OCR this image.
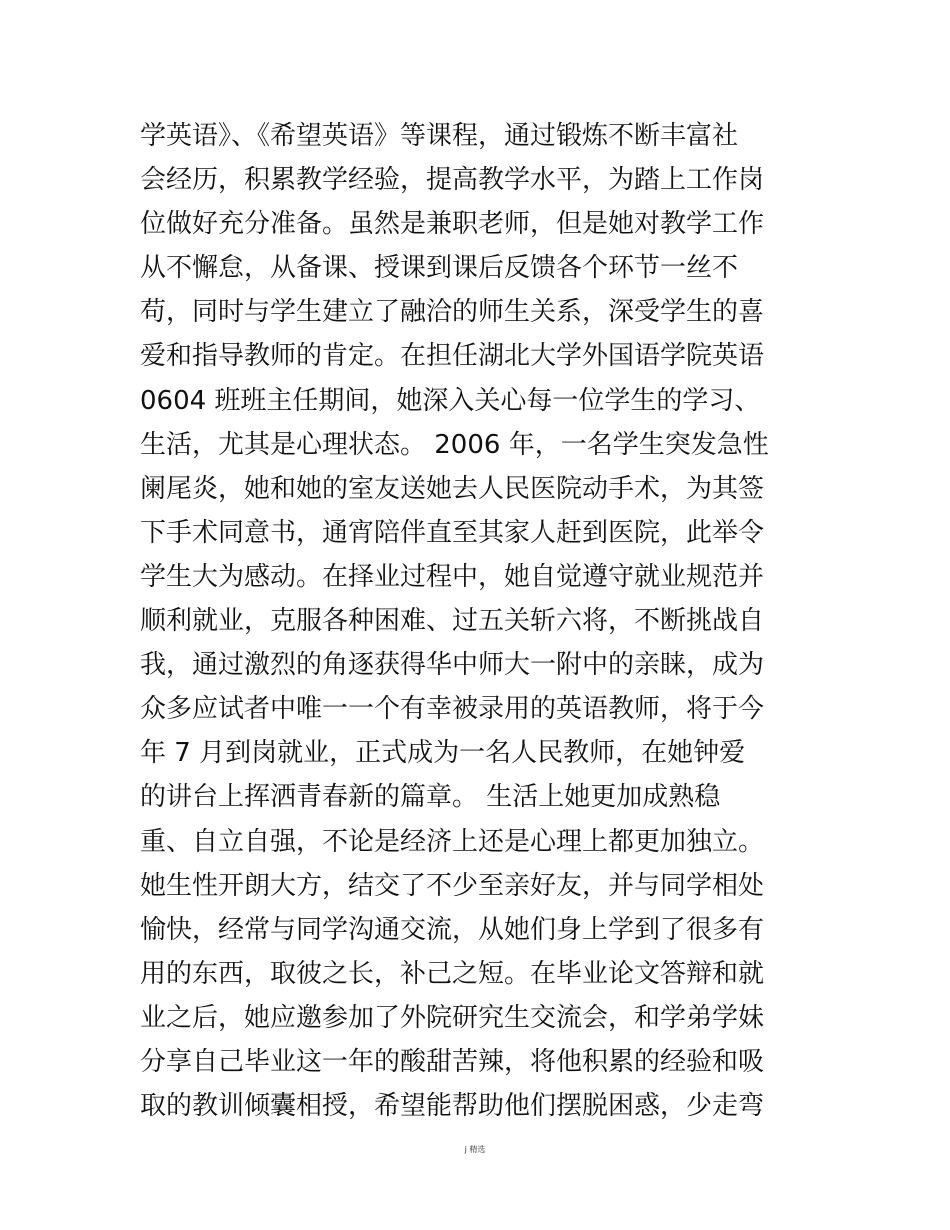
学英语》、《希望英语》等课程，通过锻炼不断丰富社
会经历，积累教学经验，提高教学水平，为踏上工作岗
位做好充分准备。虽然是兼职老师，但是她对教学工作
从不懈怠，从备课、授课到课后反馈各个环节一丝不
苟，同时与学生建立了融洽的师生关系，深受学生的喜
爱和指导教师的肯定。在担任湖北大学外国语学院英语
0604 班班主任期间，她深入关心每一位学生的学习、
生活，尤其是心理状态。 2006 年，一名学生突发急性
阑尾炎，她和她的室友送她去人民医院动手术，为其签
下手术同意书，通宵陪伴直至其家人赶到医院，此举令
学生大为感动。在择业过程中，她自觉遵守就业规范并
顺利就业，克服各种困难、过五关斩六将，不断挑战自
我，通过激烈的角逐获得华中师大一附中的亲睐，成为
众多应试者中唯一一个有幸被录用的英语教师，将于今
年 7 月到岗就业，正式成为一名人民教师，在她钟爱
的讲台上挥洒青春新的篇章。 生活上她更加成熟稳
重、自立自强，不论是经济上还是心理上都更加独立。
她生性开朗大方，结交了不少至亲好友，并与同学相处
愉快，经常与同学沟通交流，从她们身上学到了很多有
用的东西，取彼之长，补己之短。在毕业论文答辩和就
业之后，她应邀参加了外院研究生交流会，和学弟学妹
分享自己毕业这一年的酸甜苦辣，将他积累的经验和吸
取的教训倾囊相授，希望能帮助他们摆脱困惑，少走弯
j 精选
